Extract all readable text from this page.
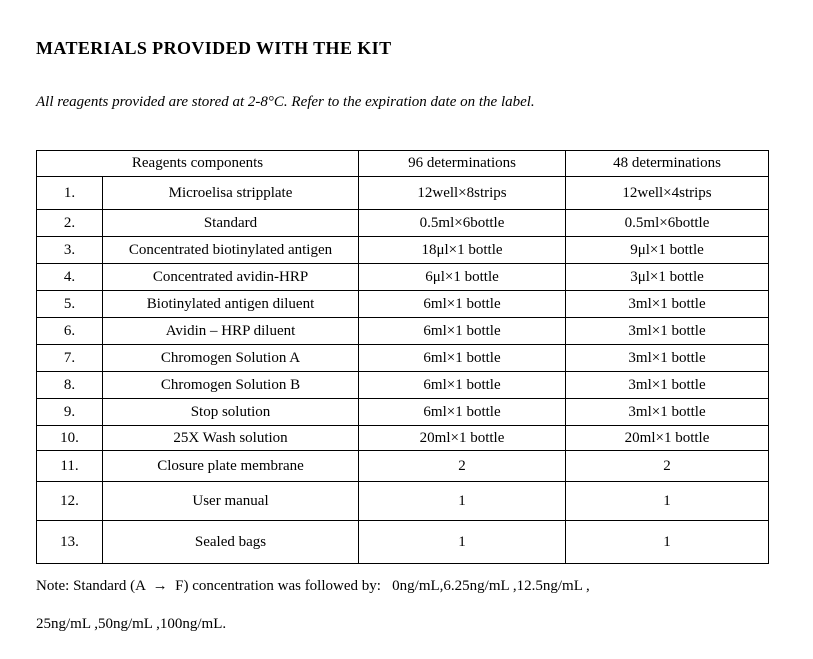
MATERIALS PROVIDED WITH THE KIT

All reagents provided are stored at 2-8°C. Refer to the expiration date on the label.

Reagents components		96 determinations	48 determinations
1.	Microelisa stripplate	12well×8strips	12well×4strips
2.	Standard	0.5ml×6bottle	0.5ml×6bottle
3.	Concentrated biotinylated antigen	18μl×1 bottle	9μl×1 bottle
4.	Concentrated avidin-HRP	6μl×1 bottle	3μl×1 bottle
5.	Biotinylated antigen diluent	6ml×1 bottle	3ml×1 bottle
6.	Avidin – HRP diluent	6ml×1 bottle	3ml×1 bottle
7.	Chromogen Solution A	6ml×1 bottle	3ml×1 bottle
8.	Chromogen Solution B	6ml×1 bottle	3ml×1 bottle
9.	Stop solution	6ml×1 bottle	3ml×1 bottle
10.	25X Wash solution	20ml×1 bottle	20ml×1 bottle
11.	Closure plate membrane	2	2
12.	User manual	1	1
13.	Sealed bags	1	1

Note: Standard (A  →  F) concentration was followed by:   0ng/mL,6.25ng/mL ,12.5ng/mL ,

25ng/mL ,50ng/mL ,100ng/mL.
